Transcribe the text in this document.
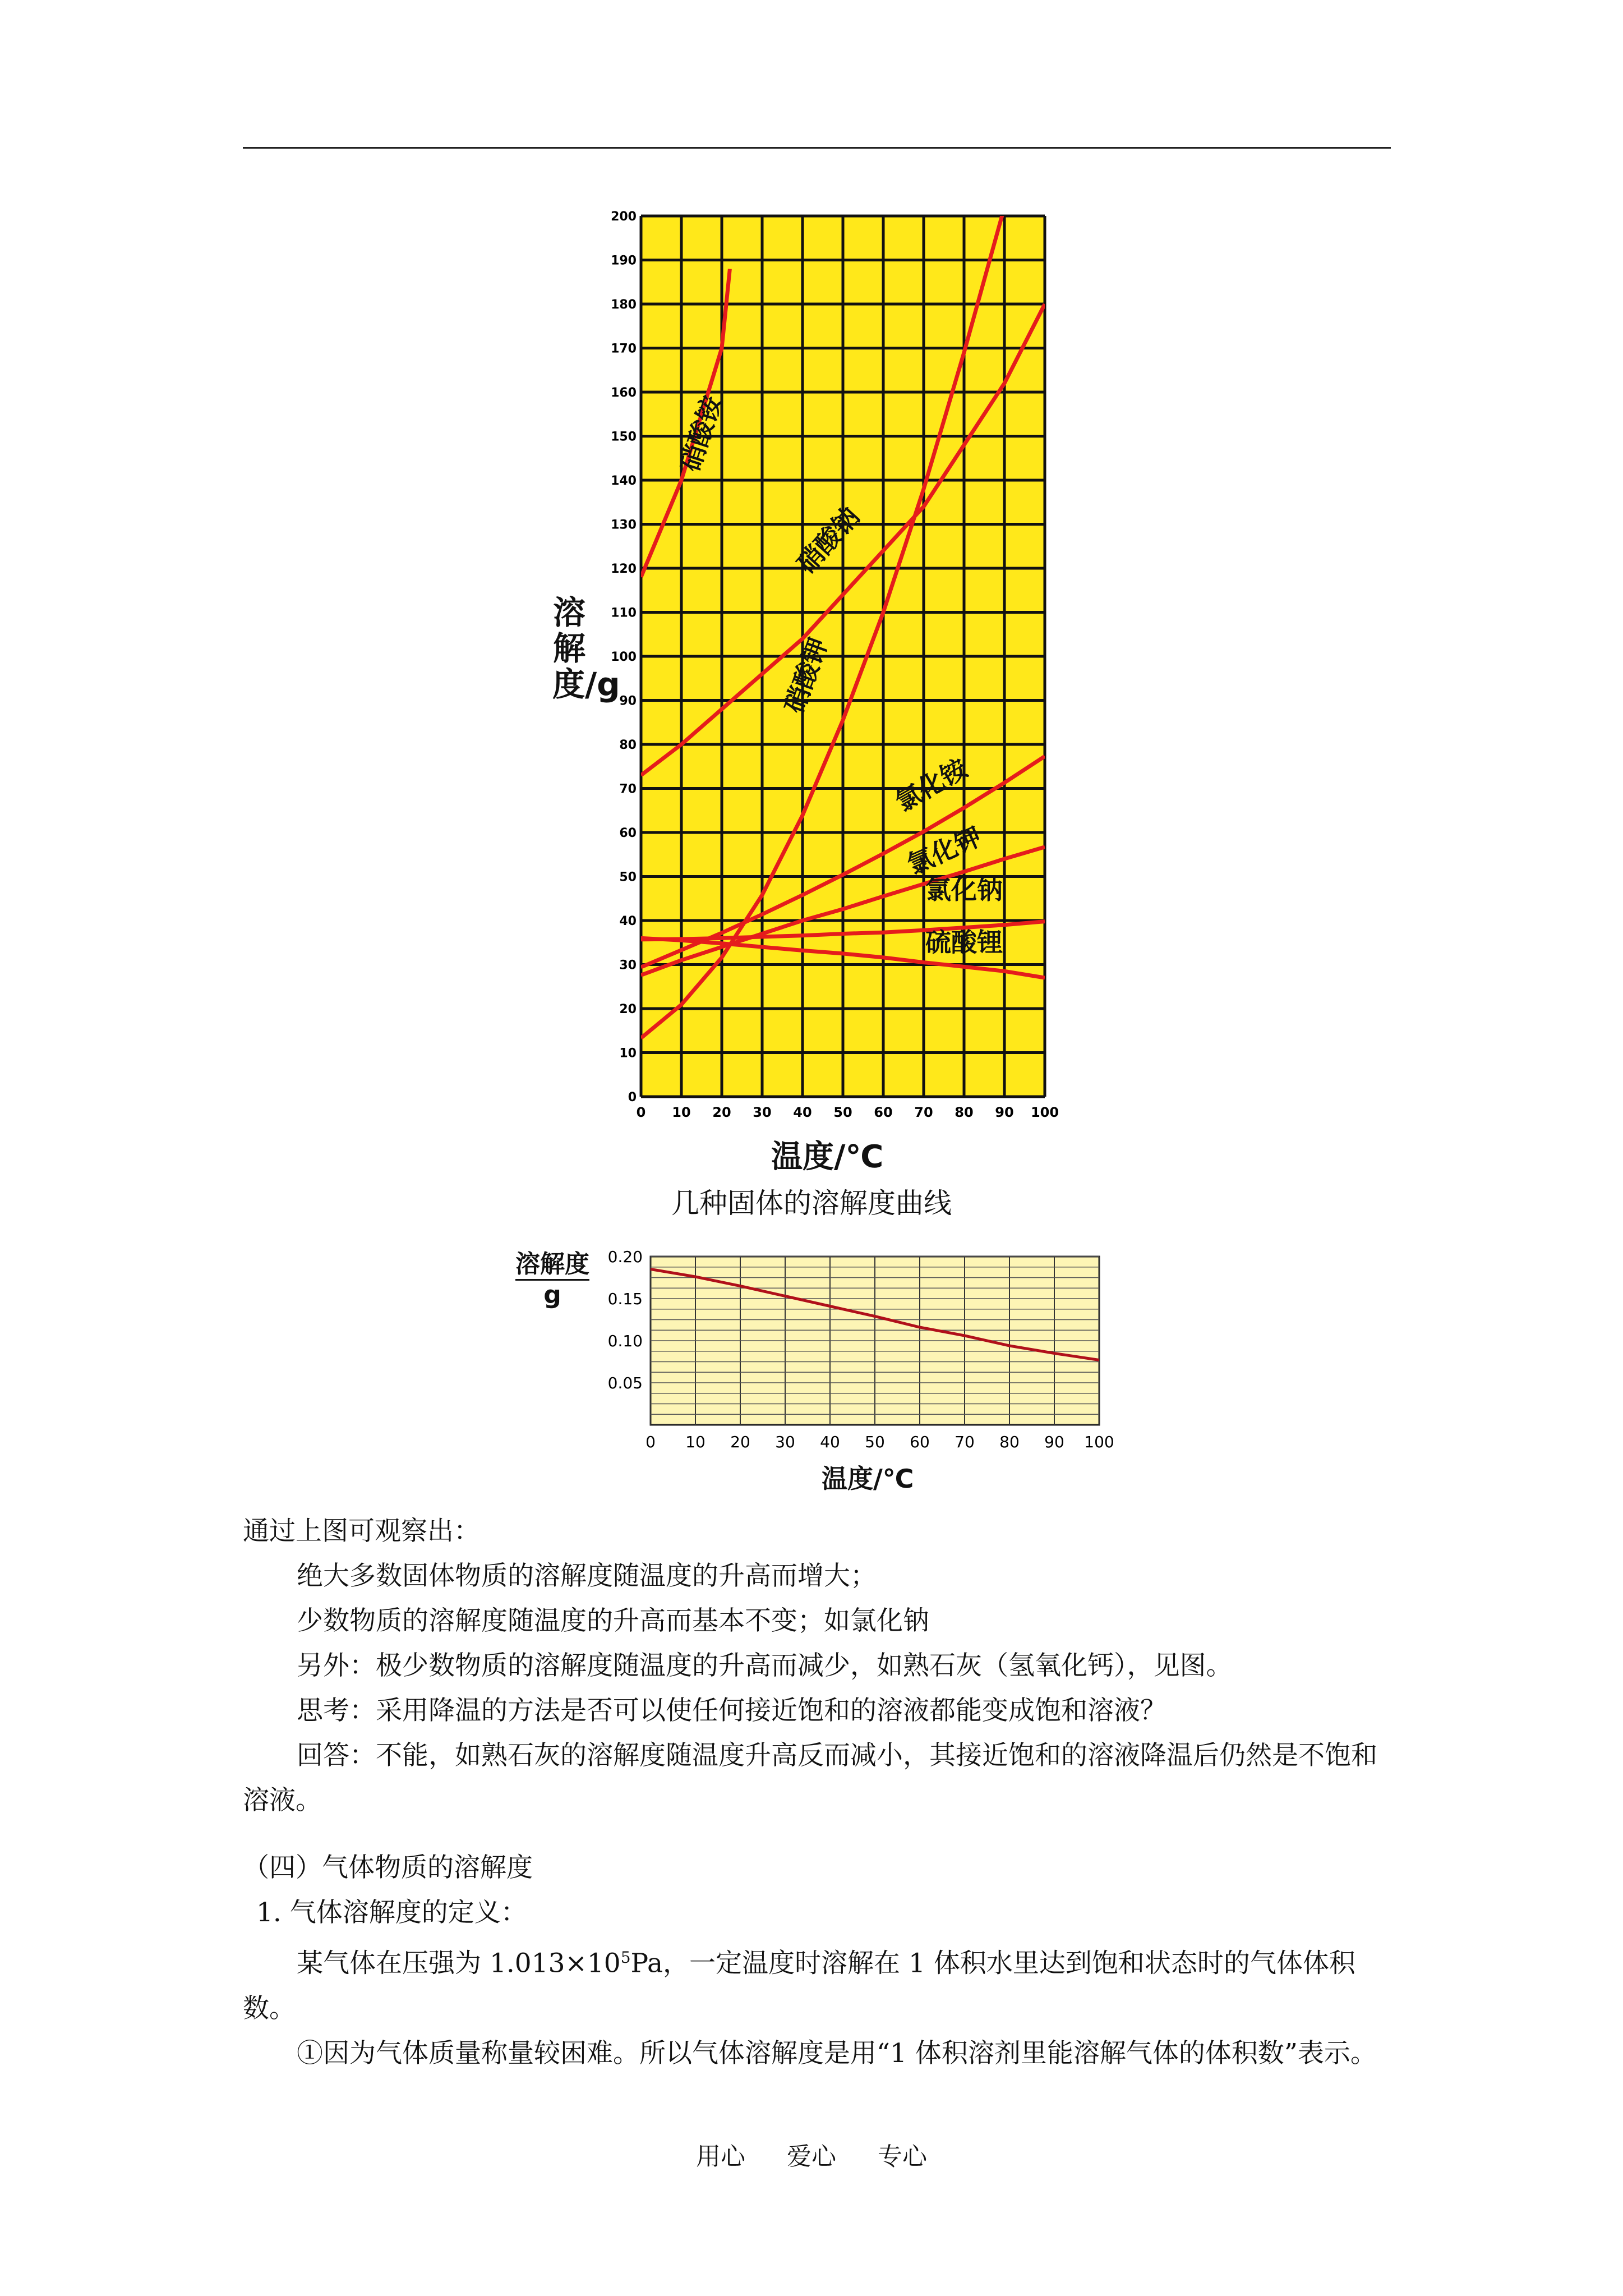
溶解度/g
0 10 20 30 40 50 60 70 80 90 100
0
10
20
30
40
50
60
70
80
90
100
110
120
130
140
150
160
170
180
190
200
硝酸铵
硝酸钠
硝酸钾
氯化铵
氯化钾
氯化钠
硫酸锂
温度/℃
几种固体的溶解度曲线
溶解度
g
0 10 20 30 40 50 60 70 80 90 100
0.05
0.10
0.15
0.20
温度/℃

通过上图可观察出：

绝大多数固体物质的溶解度随温度的升高而增大；

少数物质的溶解度随温度的升高而基本不变；如氯化钠

另外：极少数物质的溶解度随温度的升高而减少，如熟石灰（氢氧化钙），见图。

思考：采用降温的方法是否可以使任何接近饱和的溶液都能变成饱和溶液？

回答：不能，如熟石灰的溶解度随温度升高反而减小，其接近饱和的溶液降温后仍然是不饱和溶液。

（四）气体物质的溶解度

1. 气体溶解度的定义：

某气体在压强为 $1.013\times 10^5Pa$，一定温度时溶解在 1 体积水里达到饱和状态时的气体体积数。

①因为气体质量称量较困难。所以气体溶解度是用“1 体积溶剂里能溶解气体的体积数”表示。

用心 爱心 专心
